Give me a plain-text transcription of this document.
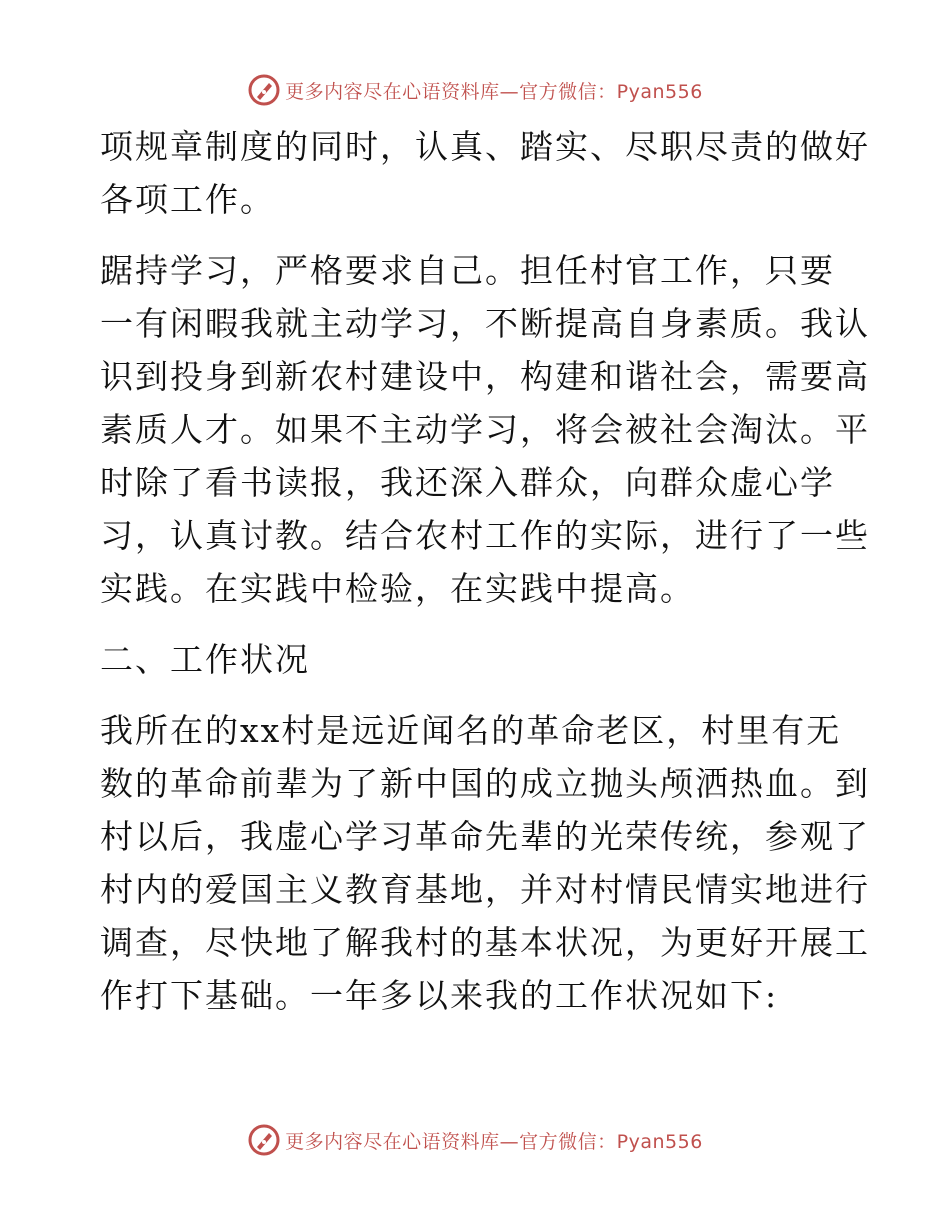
更多内容尽在心语资料库—官方微信：Pyan556
项规章制度的同时，认真、踏实、尽职尽责的做好
各项工作。
踞持学习，严格要求自己。担任村官工作，只要
一有闲暇我就主动学习，不断提高自身素质。我认
识到投身到新农村建设中，构建和谐社会，需要高
素质人才。如果不主动学习，将会被社会淘汰。平
时除了看书读报，我还深入群众，向群众虚心学
习，认真讨教。结合农村工作的实际，进行了一些
实践。在实践中检验，在实践中提高。
二、工作状况
我所在的xx村是远近闻名的革命老区，村里有无
数的革命前辈为了新中国的成立抛头颅洒热血。到
村以后，我虚心学习革命先辈的光荣传统，参观了
村内的爱国主义教育基地，并对村情民情实地进行
调查，尽快地了解我村的基本状况，为更好开展工
作打下基础。一年多以来我的工作状况如下:
更多内容尽在心语资料库—官方微信：Pyan556
